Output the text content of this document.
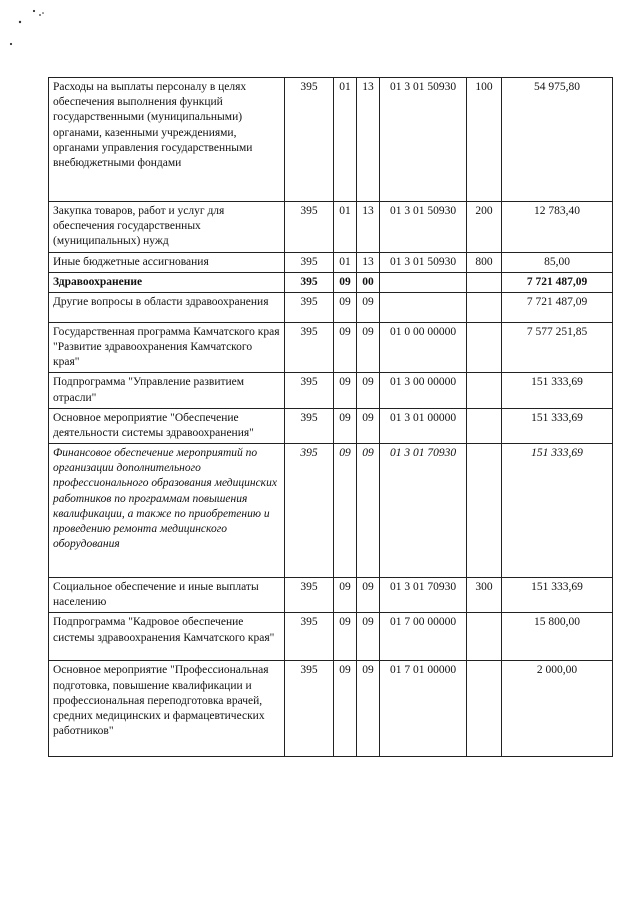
Расходы на выплаты персоналу в целях обеспечения выполнения функций государственными (муниципальными) органами, казенными учреждениями, органами управления государственными внебюджетными фондами	395	01	13	01 3 01 50930	100	54 975,80
Закупка товаров, работ и услуг для обеспечения государственных (муниципальных) нужд	395	01	13	01 3 01 50930	200	12 783,40
Иные бюджетные ассигнования	395	01	13	01 3 01 50930	800	85,00
Здравоохранение	395	09	00			7 721 487,09
Другие вопросы в области здравоохранения	395	09	09			7 721 487,09
Государственная программа Камчатского края "Развитие здравоохранения Камчатского края"	395	09	09	01 0 00 00000		7 577 251,85
Подпрограмма "Управление развитием отрасли"	395	09	09	01 3 00 00000		151 333,69
Основное мероприятие "Обеспечение деятельности системы здравоохранения"	395	09	09	01 3 01 00000		151 333,69
Финансовое обеспечение мероприятий по организации дополнительного профессионального образования медицинских работников по программам повышения квалификации, а также по приобретению и проведению ремонта медицинского оборудования	395	09	09	01 3 01 70930		151 333,69
Социальное обеспечение и иные выплаты населению	395	09	09	01 3 01 70930	300	151 333,69
Подпрограмма "Кадровое обеспечение системы здравоохранения Камчатского края"	395	09	09	01 7 00 00000		15 800,00
Основное мероприятие "Профессиональная подготовка, повышение квалификации и профессиональная переподготовка врачей, средних медицинских и фармацевтических работников"	395	09	09	01 7 01 00000		2 000,00
